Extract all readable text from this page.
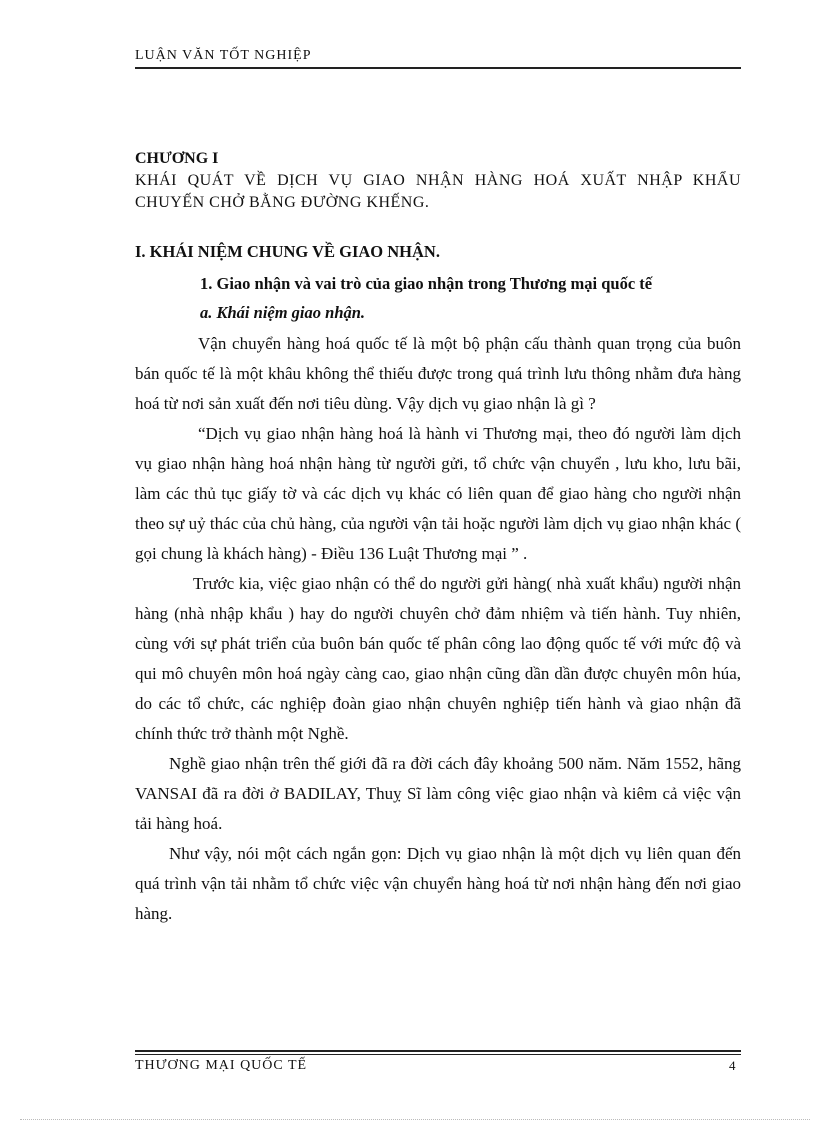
LUẬN VĂN TỐT NGHIỆP
CHƯƠNG I
KHÁI QUÁT VỀ DỊCH VỤ GIAO NHẬN HÀNG HOÁ XUẤT NHẬP KHẨU CHUYẾN CHỞ BẰNG ĐƯỜNG KHẾNG.
I. KHÁI NIỆM CHUNG VỀ GIAO NHẬN.
1. Giao nhận và vai trò của giao nhận trong Thương mại quốc tế
a. Khái niệm giao nhận.

Vận chuyển hàng hoá quốc tế là một bộ phận cấu thành quan trọng của buôn bán quốc tế là một khâu không thể thiếu được trong quá trình lưu thông nhằm đưa hàng hoá từ nơi sản xuất đến nơi tiêu dùng. Vậy dịch vụ giao nhận là gì ?

“Dịch vụ giao nhận hàng hoá là hành vi Thương mại, theo đó người làm dịch vụ giao nhận hàng hoá nhận hàng từ người gửi, tổ chức vận chuyển , lưu kho, lưu bãi, làm các thủ tục giấy tờ và các dịch vụ khác có liên quan để giao hàng cho người nhận theo sự uỷ thác của chủ hàng, của người vận tải hoặc người làm dịch vụ giao nhận khác ( gọi chung là khách hàng) - Điều 136 Luật Thương mại ” .

Trước kia, việc giao nhận có thể do người gửi hàng( nhà xuất khẩu) người nhận hàng (nhà nhập khẩu ) hay do người chuyên chở đảm nhiệm và tiến hành. Tuy nhiên, cùng với sự phát triển của buôn bán quốc tế phân công lao động quốc tế với mức độ và qui mô chuyên môn hoá ngày càng cao, giao nhận cũng dần dần được chuyên môn húa, do các tổ chức, các nghiệp đoàn giao nhận chuyên nghiệp tiến hành và giao nhận đã chính thức trở thành một Nghề.

Nghề giao nhận trên thế giới đã ra đời cách đây khoảng 500 năm. Năm 1552, hãng VANSAI đã ra đời ở BADILAY, Thuỵ Sĩ làm công việc giao nhận và kiêm cả việc vận tải hàng hoá.

Như vậy, nói một cách ngắn gọn: Dịch vụ giao nhận là một dịch vụ liên quan đến quá trình vận tải nhằm tổ chức việc vận chuyển hàng hoá từ nơi nhận hàng đến nơi giao hàng.

THƯƠNG MẠI QUỐC TẾ	4
